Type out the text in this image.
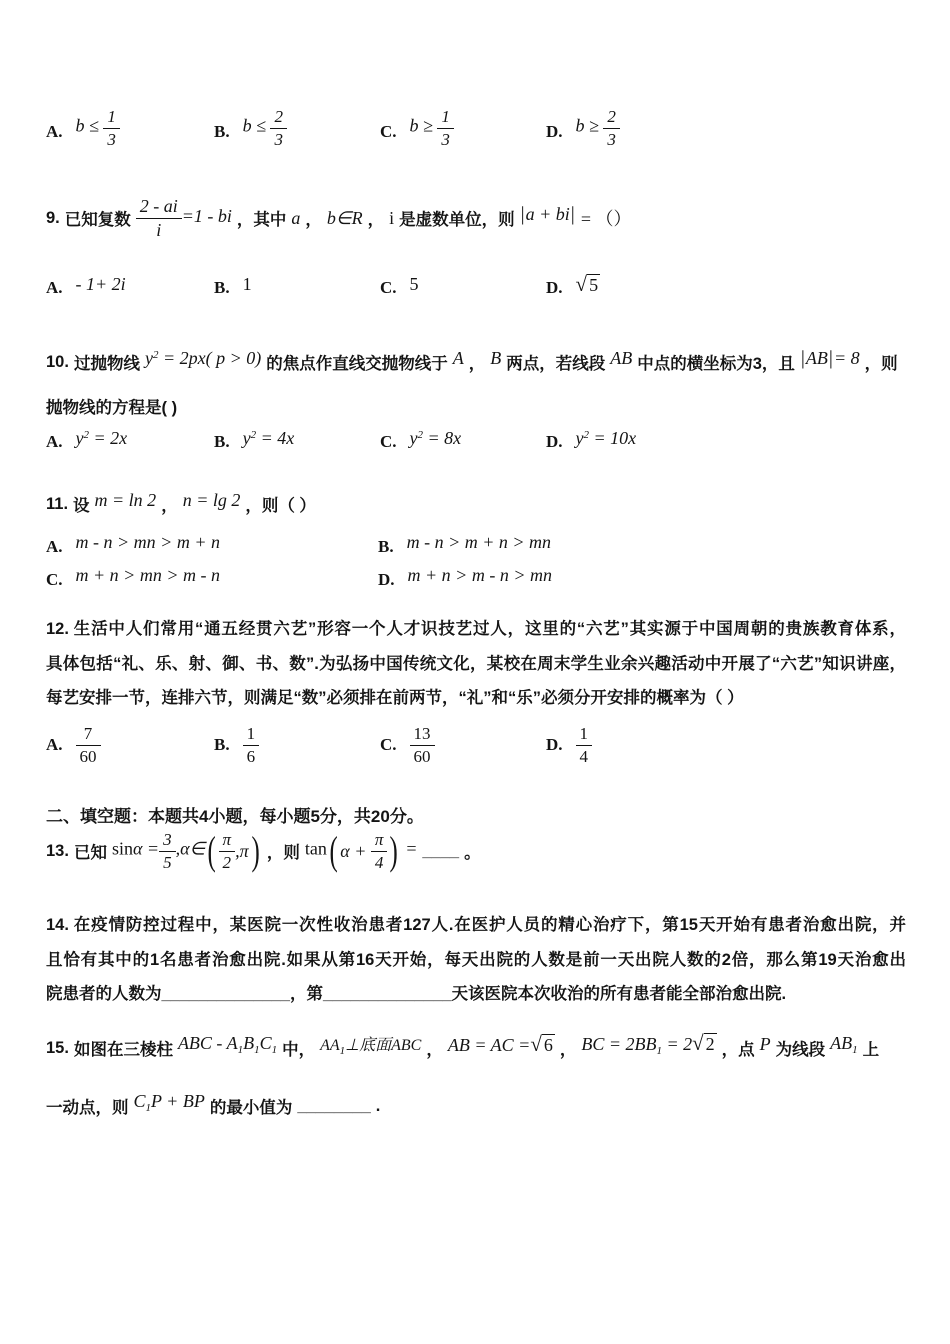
A. $b \le \frac{1}{3}$	B. $b \le \frac{2}{3}$	C. $b \ge \frac{1}{3}$	D. $b \ge \frac{2}{3}$
9. 已知复数 $\frac{2 - ai}{i} =1$ - bi ，其中 a ， b∈R ， i 是虚数单位，则 | a + bi | = （）
A. - 1+ 2i	B. 1	C. 5	D.	√ 5
10. 过抛物线 $y^2 = 2px$( p > 0) 的焦点作直线交抛物线于 A ， B 两点，若线段 AB 中点的横坐标为3，且 | AB | = 8 ，则
抛物线的方程是( )
A. $y^2 = 2x$	B. $y^2 = 4x$	C. $y^2 = 8x$	D. $y^2 = 10x$
11. 设 m = ln 2 ， n = lg 2 ，则（ ）
A. m - n > mn > m + n	B. m - n > m + n > mn
C. m + n > mn > m - n	D. m + n > m - n > mn
12. 生活中人们常用“通五经贯六艺”形容一个人才识技艺过人，这里的“六艺”其实源于中国周朝的贵族教育体系，
具体包括“礼、乐、射、御、书、数”.为弘扬中国传统文化，某校在周末学生业余兴趣活动中开展了“六艺”知识讲座，
每艺安排一节，连排六节，则满足“数”必须排在前两节，“礼”和“乐”必须分开安排的概率为（ ）
A. $\frac{7}{60}$	B. $\frac{1}{6}$	C. $\frac{13}{60}$	D. $\frac{1}{4}$
二、填空题：本题共4小题，每小题5分，共20分。
13. 已知 $\sin\alpha = \frac{3}{5}$ ,α∈ ( $\frac{\pi}{2} ,\pi$
) ，则 tan ( α +
$\frac{\pi}{4}$
) = ____ 。
14. 在疫情防控过程中，某医院一次性收治患者127人.在医护人员的精心治疗下，第15天开始有患者治愈出院，并
且恰有其中的1名患者治愈出院.如果从第16天开始，每天出院的人数是前一天出院人数的2倍，那么第19天治愈出
院患者的人数为______________，第______________天该医院本次收治的所有患者能全部治愈出院.
15. 如图在三棱柱 ABC - $A_1B_1C_1$ 中， $AA_1\perp$底面ABC ， AB = AC = √ 6 ， BC = $2BB_1 = 2$ √ 2 ，点 P 为线段 $AB_1$ 上
一动点，则 $C_1P$ + BP 的最小值为 ________ .
